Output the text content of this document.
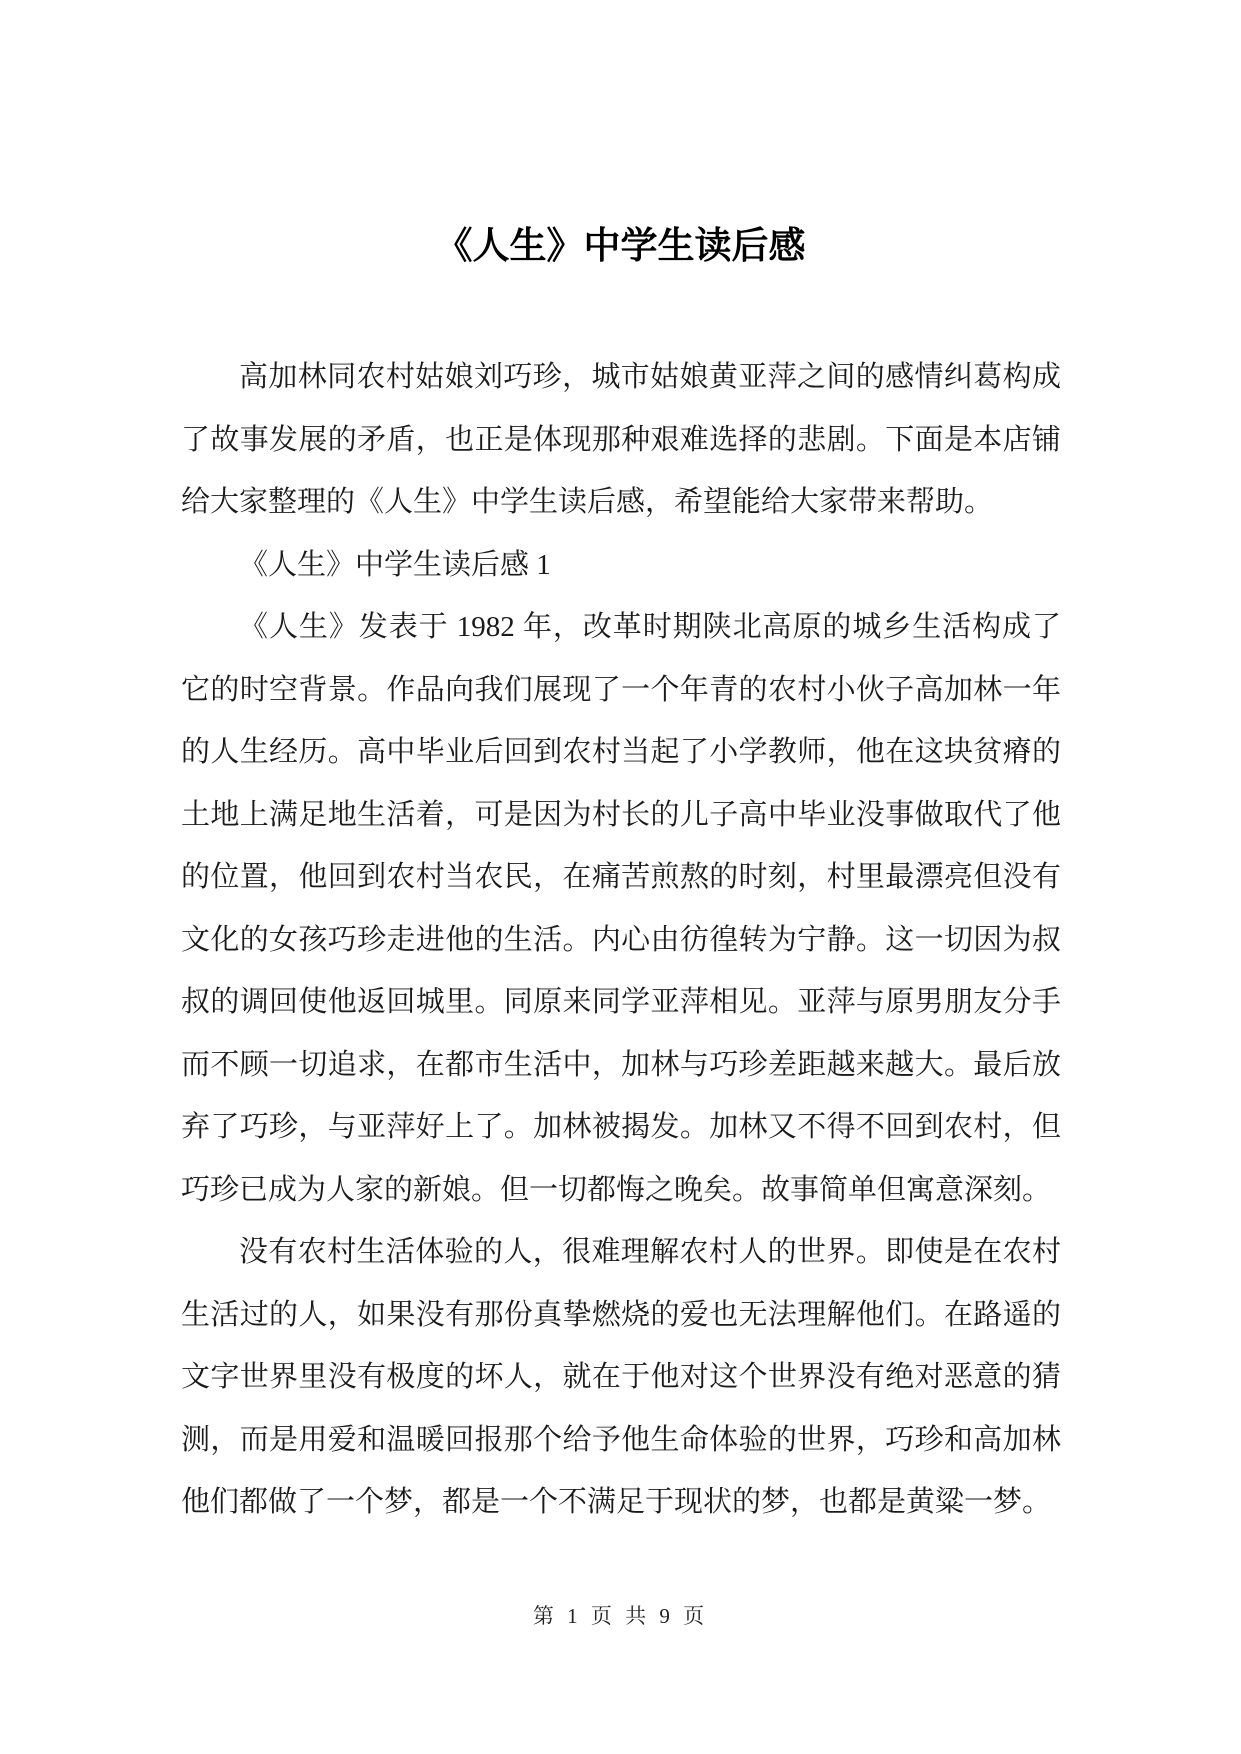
《人生》中学生读后感
高加林同农村姑娘刘巧珍，城市姑娘黄亚萍之间的感情纠葛构成
了故事发展的矛盾，也正是体现那种艰难选择的悲剧。下面是本店铺
给大家整理的《人生》中学生读后感，希望能给大家带来帮助。
《人生》中学生读后感 1
《人生》发表于 1982 年，改革时期陕北高原的城乡生活构成了
它的时空背景。作品向我们展现了一个年青的农村小伙子高加林一年
的人生经历。高中毕业后回到农村当起了小学教师，他在这块贫瘠的
土地上满足地生活着，可是因为村长的儿子高中毕业没事做取代了他
的位置，他回到农村当农民，在痛苦煎熬的时刻，村里最漂亮但没有
文化的女孩巧珍走进他的生活。内心由彷徨转为宁静。这一切因为叔
叔的调回使他返回城里。同原来同学亚萍相见。亚萍与原男朋友分手
而不顾一切追求，在都市生活中，加林与巧珍差距越来越大。最后放
弃了巧珍，与亚萍好上了。加林被揭发。加林又不得不回到农村，但
巧珍已成为人家的新娘。但一切都悔之晚矣。故事简单但寓意深刻。
没有农村生活体验的人，很难理解农村人的世界。即使是在农村
生活过的人，如果没有那份真挚燃烧的爱也无法理解他们。在路遥的
文字世界里没有极度的坏人，就在于他对这个世界没有绝对恶意的猜
测，而是用爱和温暖回报那个给予他生命体验的世界，巧珍和高加林
他们都做了一个梦，都是一个不满足于现状的梦，也都是黄粱一梦。
第 1 页 共 9 页
